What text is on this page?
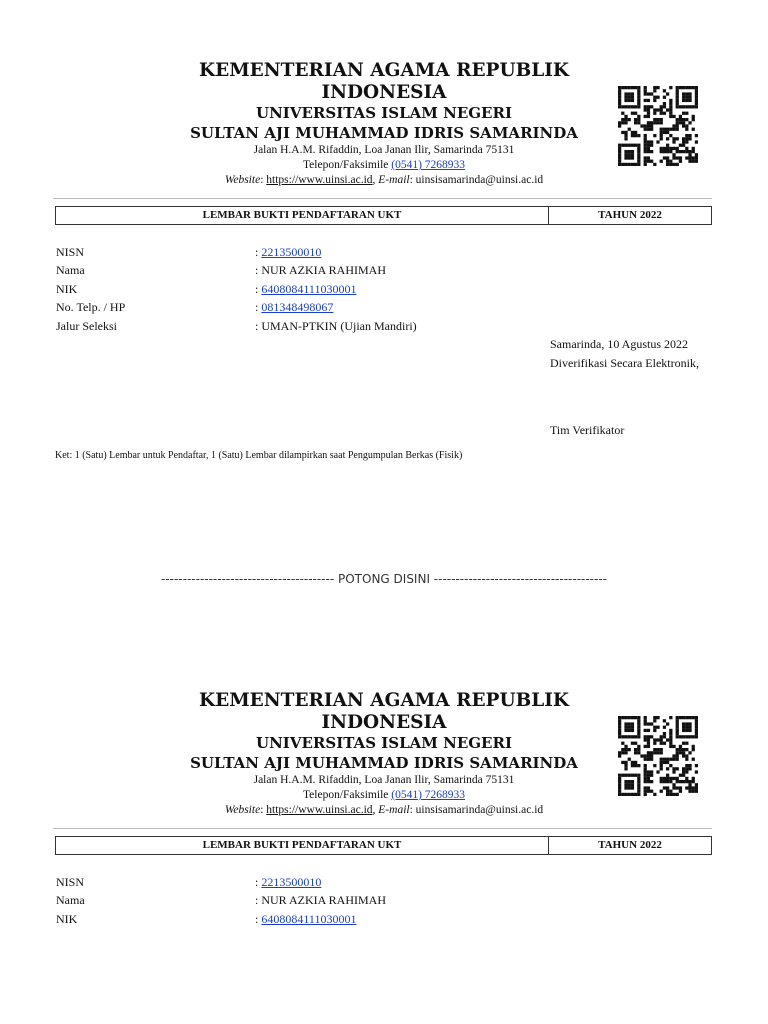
KEMENTERIAN AGAMA REPUBLIK
INDONESIA
UNIVERSITAS ISLAM NEGERI
SULTAN AJI MUHAMMAD IDRIS SAMARINDA
Jalan H.A.M. Rifaddin, Loa Janan Ilir, Samarinda 75131
Telepon/Faksimile (0541) 7268933
Website: https://www.uinsi.ac.id, E-mail: uinsisamarinda@uinsi.ac.id
LEMBAR BUKTI PENDAFTARAN UKT	TAHUN 2022
NISN	: 2213500010
Nama	: NUR AZKIA RAHIMAH
NIK	: 6408084111030001
No. Telp. / HP	: 081348498067
Jalur Seleksi	: UMAN-PTKIN (Ujian Mandiri)
Samarinda, 10 Agustus 2022
Diverifikasi Secara Elektronik,
Tim Verifikator
Ket: 1 (Satu) Lembar untuk Pendaftar, 1 (Satu) Lembar dilampirkan saat Pengumpulan Berkas (Fisik)
---------------------------------------- POTONG DISINI ----------------------------------------
KEMENTERIAN AGAMA REPUBLIK
INDONESIA
UNIVERSITAS ISLAM NEGERI
SULTAN AJI MUHAMMAD IDRIS SAMARINDA
Jalan H.A.M. Rifaddin, Loa Janan Ilir, Samarinda 75131
Telepon/Faksimile (0541) 7268933
Website: https://www.uinsi.ac.id, E-mail: uinsisamarinda@uinsi.ac.id
LEMBAR BUKTI PENDAFTARAN UKT	TAHUN 2022
NISN	: 2213500010
Nama	: NUR AZKIA RAHIMAH
NIK	: 6408084111030001
